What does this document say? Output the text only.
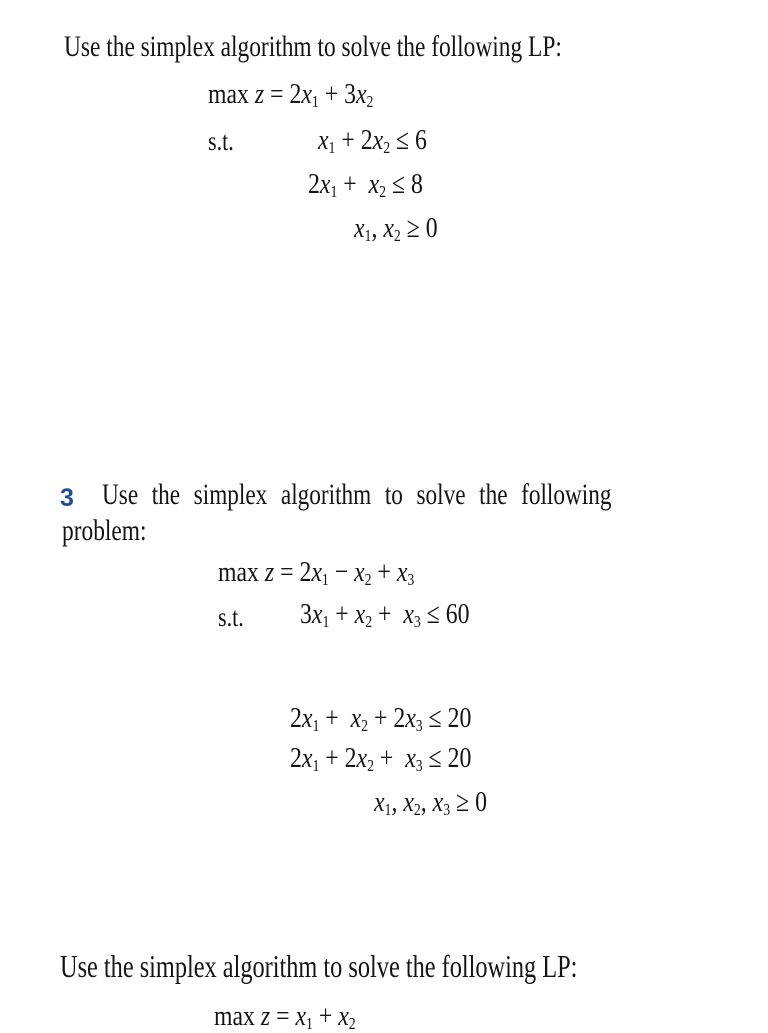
Use the simplex algorithm to solve the following LP:
$\max z = 2x_1 + 3x_2$
s.t.	$x_1 + 2x_2 \le 6$
$2x_1 + x_2 \le 8$
$x_1$, $x_2 \ge 0$
3 Use the simplex algorithm to solve the following
problem:
$\max z = 2x_1 - x_2 + x_3$
s.t. $3x_1 + x_2 + x_3 \le 60$
$2x_1 + x_2 + 2x_3 \le 20$
$2x_1 + 2x_2 + x_3 \le 20$
$x_1$, $x_2$, $x_3 \ge 0$
Use the simplex algorithm to solve the following LP:
$\max z = x_1 + x_2$
